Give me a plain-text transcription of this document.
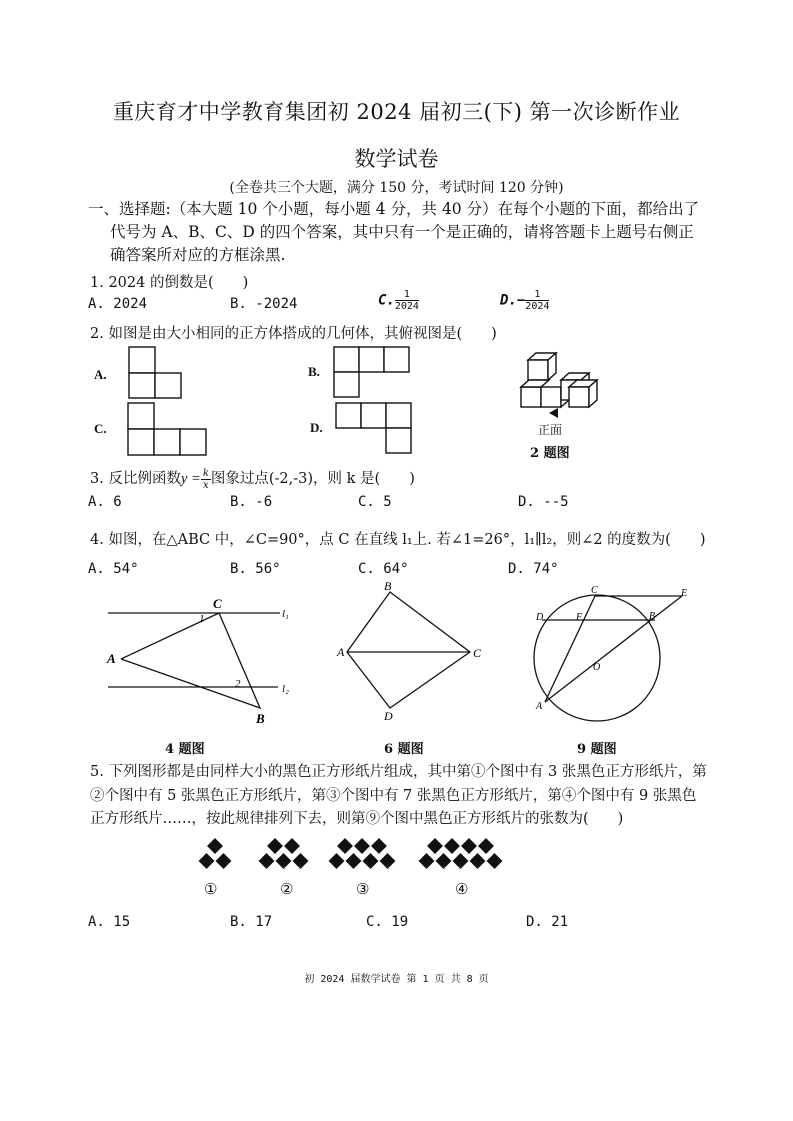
重庆育才中学教育集团初 2024 届初三(下) 第一次诊断作业
数学试卷
(全卷共三个大题，满分 150 分，考试时间 120 分钟)
一、选择题:（本大题 10 个小题，每小题 4 分，共 40 分）在每个小题的下面，都给出了
代号为 A、B、C、D 的四个答案，其中只有一个是正确的，请将答题卡上题号右侧正
确答案所对应的方框涂黑.
1. 2024 的倒数是(　　)
A. 2024	B. -2024	C. $\frac{1}{2024}$	$D.- \frac{1}{2024}$
2. 如图是由大小相同的正方体搭成的几何体，其俯视图是(　　)
A.	B.
C.	D.	正面
2 题图
3. 反比例函数$y = \frac{k}{x}$ 图象过点(-2,-3)，则 k 是(　　)
A. 6	B. -6	C. 5	D. --5
4. 如图，在△ABC 中，∠C=90°，点 C 在直线 l₁上. 若∠1=26°，l₁∥l₂，则∠2 的度数为(　　)
A. 54°	B. 56°	C. 64°	D. 74°
C
A
B
l₁
l₂
1
2
4 题图
B
A	C
D
6 题图
C	E
D	F	B
O
A
9 题图
5. 下列图形都是由同样大小的黑色正方形纸片组成，其中第①个图中有 3 张黑色正方形纸片，第
②个图中有 5 张黑色正方形纸片，第③个图中有 7 张黑色正方形纸片，第④个图中有 9 张黑色
正方形纸片……，按此规律排列下去，则第⑨个图中黑色正方形纸片的张数为(　　)
①	②	③	④
A. 15	B. 17	C. 19	D. 21
初 2024 届数学试卷 第 1 页 共 8 页
